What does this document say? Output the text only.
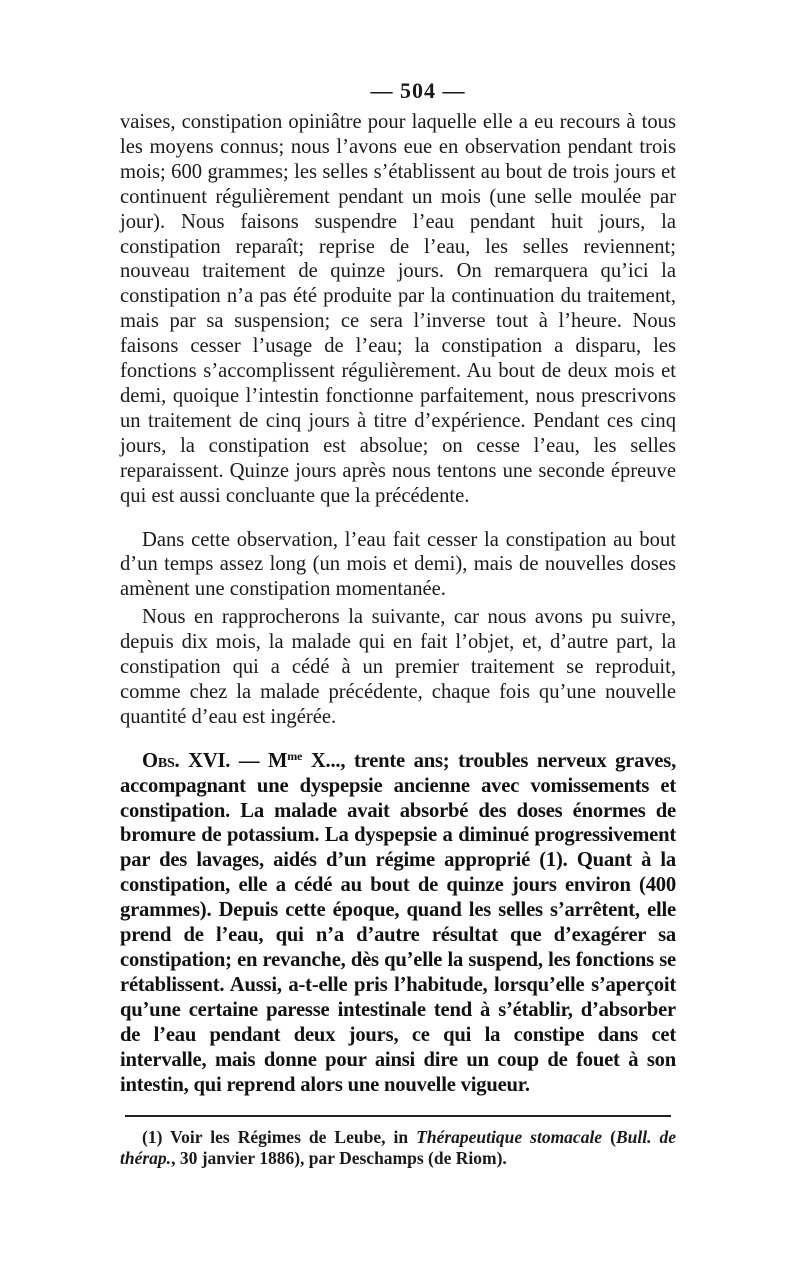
— 504 —

vaises, constipation opiniâtre pour laquelle elle a eu recours à tous les moyens connus; nous l’avons eue en observation pendant trois mois; 600 grammes; les selles s’établissent au bout de trois jours et continuent régulièrement pendant un mois (une selle moulée par jour). Nous faisons suspendre l’eau pendant huit jours, la constipation reparaît; reprise de l’eau, les selles reviennent; nouveau traitement de quinze jours. On remarquera qu’ici la constipation n’a pas été produite par la continuation du traitement, mais par sa suspension; ce sera l’inverse tout à l’heure. Nous faisons cesser l’usage de l’eau; la constipation a disparu, les fonctions s’accomplissent régulièrement. Au bout de deux mois et demi, quoique l’intestin fonctionne parfaitement, nous prescrivons un traitement de cinq jours à titre d’expérience. Pendant ces cinq jours, la constipation est absolue; on cesse l’eau, les selles reparaissent. Quinze jours après nous tentons une seconde épreuve qui est aussi concluante que la précédente.

Dans cette observation, l’eau fait cesser la constipation au bout d’un temps assez long (un mois et demi), mais de nouvelles doses amènent une constipation momentanée.

Nous en rapprocherons la suivante, car nous avons pu suivre, depuis dix mois, la malade qui en fait l’objet, et, d’autre part, la constipation qui a cédé à un premier traitement se reproduit, comme chez la malade précédente, chaque fois qu’une nouvelle quantité d’eau est ingérée.

Obs. XVI. — $M^{me}$ X..., trente ans; troubles nerveux graves, accompagnant une dyspepsie ancienne avec vomissements et constipation. La malade avait absorbé des doses énormes de bromure de potassium. La dyspepsie a diminué progressivement par des lavages, aidés d’un régime approprié (1). Quant à la constipation, elle a cédé au bout de quinze jours environ (400 grammes). Depuis cette époque, quand les selles s’arrêtent, elle prend de l’eau, qui n’a d’autre résultat que d’exagérer sa constipation; en revanche, dès qu’elle la suspend, les fonctions se rétablissent. Aussi, a-t-elle pris l’habitude, lorsqu’elle s’aperçoit qu’une certaine paresse intestinale tend à s’établir, d’absorber de l’eau pendant deux jours, ce qui la constipe dans cet intervalle, mais donne pour ainsi dire un coup de fouet à son intestin, qui reprend alors une nouvelle vigueur.

(1) Voir les Régimes de Leube, in Thérapeutique stomacale (Bull. de thérap., 30 janvier 1886), par Deschamps (de Riom).
